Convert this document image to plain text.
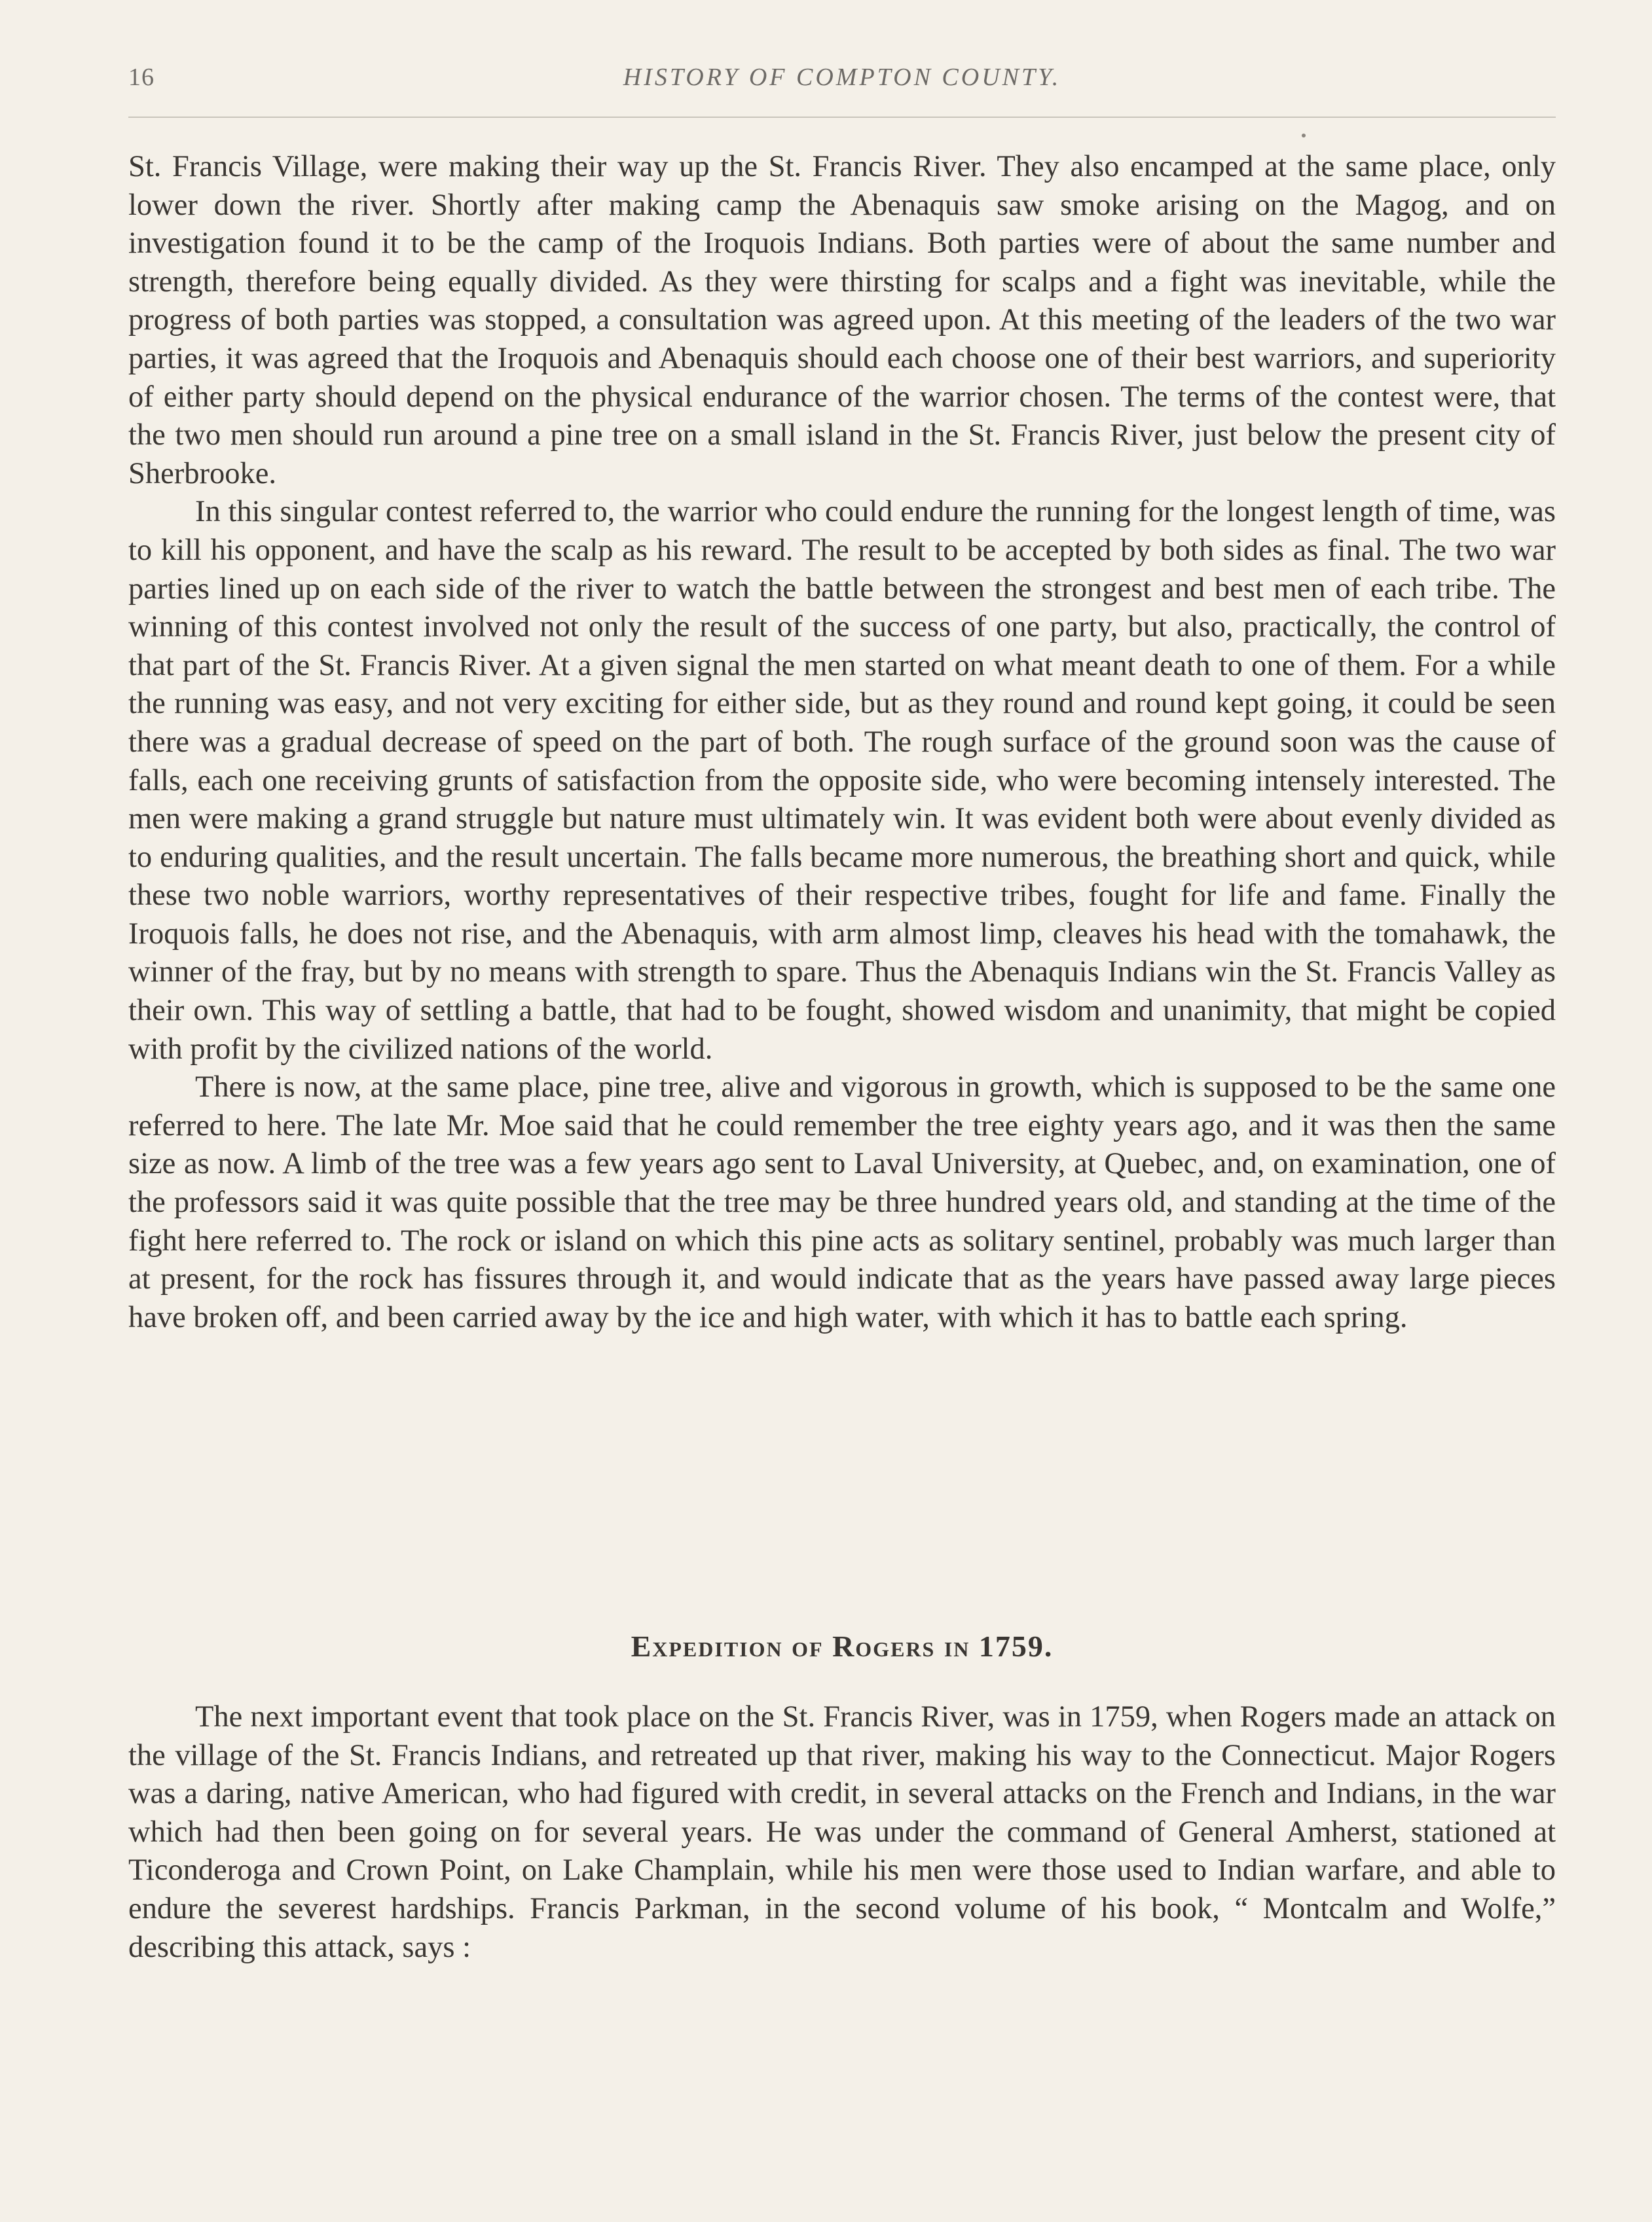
16	HISTORY OF COMPTON COUNTY.

St. Francis Village, were making their way up the St. Francis River. They also encamped at the same place, only lower down the river. Shortly after making camp the Abenaquis saw smoke arising on the Magog, and on investigation found it to be the camp of the Iroquois Indians. Both parties were of about the same number and strength, therefore being equally divided. As they were thirsting for scalps and a fight was inevitable, while the progress of both parties was stopped, a consultation was agreed upon. At this meeting of the leaders of the two war parties, it was agreed that the Iroquois and Abenaquis should each choose one of their best warriors, and superiority of either party should depend on the physical endurance of the warrior chosen. The terms of the contest were, that the two men should run around a pine tree on a small island in the St. Francis River, just below the present city of Sherbrooke.

In this singular contest referred to, the warrior who could endure the running for the longest length of time, was to kill his opponent, and have the scalp as his reward. The result to be accepted by both sides as final. The two war parties lined up on each side of the river to watch the battle between the strongest and best men of each tribe. The winning of this contest involved not only the result of the success of one party, but also, practically, the control of that part of the St. Francis River. At a given signal the men started on what meant death to one of them. For a while the running was easy, and not very exciting for either side, but as they round and round kept going, it could be seen there was a gradual decrease of speed on the part of both. The rough surface of the ground soon was the cause of falls, each one receiving grunts of satisfaction from the opposite side, who were becoming intensely interested. The men were making a grand struggle but nature must ultimately win. It was evident both were about evenly divided as to enduring qualities, and the result uncertain. The falls became more numerous, the breathing short and quick, while these two noble warriors, worthy representatives of their respective tribes, fought for life and fame. Finally the Iroquois falls, he does not rise, and the Abenaquis, with arm almost limp, cleaves his head with the tomahawk, the winner of the fray, but by no means with strength to spare. Thus the Abenaquis Indians win the St. Francis Valley as their own. This way of settling a battle, that had to be fought, showed wisdom and unanimity, that might be copied with profit by the civilized nations of the world.

There is now, at the same place, pine tree, alive and vigorous in growth, which is supposed to be the same one referred to here. The late Mr. Moe said that he could remember the tree eighty years ago, and it was then the same size as now. A limb of the tree was a few years ago sent to Laval University, at Quebec, and, on examination, one of the professors said it was quite possible that the tree may be three hundred years old, and standing at the time of the fight here referred to. The rock or island on which this pine acts as solitary sentinel, probably was much larger than at present, for the rock has fissures through it, and would indicate that as the years have passed away large pieces have broken off, and been carried away by the ice and high water, with which it has to battle each spring.

Expedition of Rogers in 1759.

The next important event that took place on the St. Francis River, was in 1759, when Rogers made an attack on the village of the St. Francis Indians, and retreated up that river, making his way to the Connecticut. Major Rogers was a daring, native American, who had figured with credit, in several attacks on the French and Indians, in the war which had then been going on for several years. He was under the command of General Amherst, stationed at Ticonderoga and Crown Point, on Lake Champlain, while his men were those used to Indian warfare, and able to endure the severest hardships. Francis Parkman, in the second volume of his book, “ Montcalm and Wolfe,” describing this attack, says :
